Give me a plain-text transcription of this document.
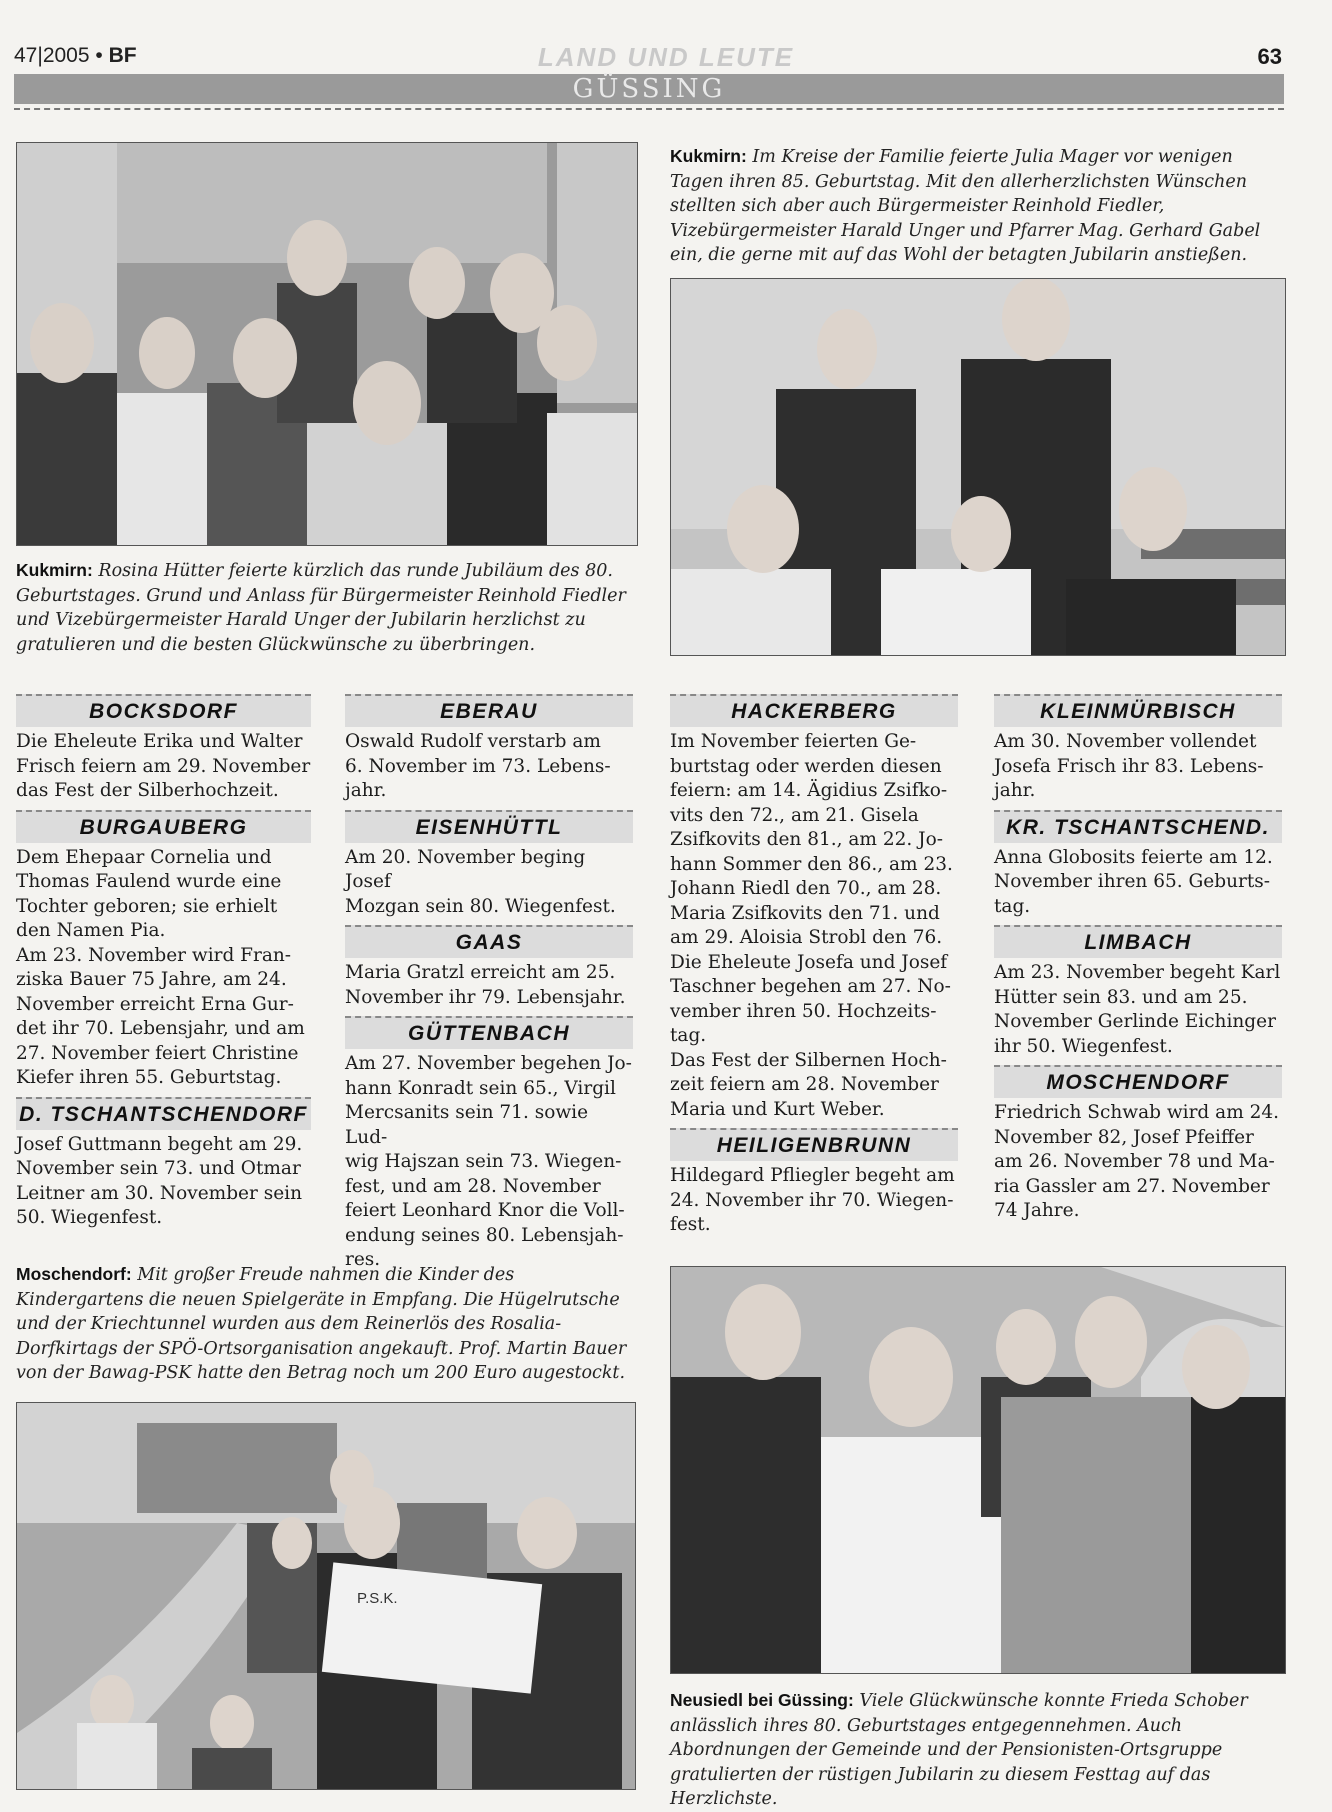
47|2005 • BF	LAND UND LEUTE	63
GÜSSING
Kukmirn: Im Kreise der Familie feierte Julia Mager vor wenigen Tagen ihren 85. Geburtstag. Mit den allerherzlichsten Wünschen stellten sich aber auch Bürgermeister Reinhold Fiedler, Vizebürgermeister Harald Unger und Pfarrer Mag. Gerhard Gabel ein, die gerne mit auf das Wohl der betagten Jubilarin anstießen.
Kukmirn: Rosina Hütter feierte kürzlich das runde Jubiläum des 80. Geburtstages. Grund und Anlass für Bürgermeister Reinhold Fiedler und Vizebürgermeister Harald Unger der Jubilarin herzlichst zu gratulieren und die besten Glückwünsche zu überbringen.
BOCKSDORF
Die Eheleute Erika und Walter
Frisch feiern am 29. November
das Fest der Silberhochzeit.
BURGAUBERG
Dem Ehepaar Cornelia und
Thomas Faulend wurde eine
Tochter geboren; sie erhielt
den Namen Pia.
Am 23. November wird Fran-
ziska Bauer 75 Jahre, am 24.
November erreicht Erna Gur-
det ihr 70. Lebensjahr, und am
27. November feiert Christine
Kiefer ihren 55. Geburtstag.
D. TSCHANTSCHENDORF
Josef Guttmann begeht am 29.
November sein 73. und Otmar
Leitner am 30. November sein
50. Wiegenfest.
EBERAU
Oswald Rudolf verstarb am
6. November im 73. Lebens-
jahr.
EISENHÜTTL
Am 20. November beging Josef
Mozgan sein 80. Wiegenfest.
GAAS
Maria Gratzl erreicht am 25.
November ihr 79. Lebensjahr.
GÜTTENBACH
Am 27. November begehen Jo-
hann Konradt sein 65., Virgil
Mercsanits sein 71. sowie Lud-
wig Hajszan sein 73. Wiegen-
fest, und am 28. November
feiert Leonhard Knor die Voll-
endung seines 80. Lebensjah-
res.
HACKERBERG
Im November feierten Ge-
burtstag oder werden diesen
feiern: am 14. Ägidius Zsifko-
vits den 72., am 21. Gisela
Zsifkovits den 81., am 22. Jo-
hann Sommer den 86., am 23.
Johann Riedl den 70., am 28.
Maria Zsifkovits den 71. und
am 29. Aloisia Strobl den 76.
Die Eheleute Josefa und Josef
Taschner begehen am 27. No-
vember ihren 50. Hochzeits-
tag.
Das Fest der Silbernen Hoch-
zeit feiern am 28. November
Maria und Kurt Weber.
HEILIGENBRUNN
Hildegard Pfliegler begeht am
24. November ihr 70. Wiegen-
fest.
KLEINMÜRBISCH
Am 30. November vollendet
Josefa Frisch ihr 83. Lebens-
jahr.
KR. TSCHANTSCHEND.
Anna Globosits feierte am 12.
November ihren 65. Geburts-
tag.
LIMBACH
Am 23. November begeht Karl
Hütter sein 83. und am 25.
November Gerlinde Eichinger
ihr 50. Wiegenfest.
MOSCHENDORF
Friedrich Schwab wird am 24.
November 82, Josef Pfeiffer
am 26. November 78 und Ma-
ria Gassler am 27. November
74 Jahre.
Moschendorf: Mit großer Freude nahmen die Kinder des Kindergartens die neuen Spielgeräte in Empfang. Die Hügelrutsche und der Kriechtunnel wurden aus dem Reinerlös des Rosalia-Dorfkirtags der SPÖ-Ortsorganisation angekauft. Prof. Martin Bauer von der Bawag-PSK hatte den Betrag noch um 200 Euro augestockt.
P.S.K.
Neusiedl bei Güssing: Viele Glückwünsche konnte Frieda Schober anlässlich ihres 80. Geburtstages entgegennehmen. Auch Abordnungen der Gemeinde und der Pensionisten-Ortsgruppe gratulierten der rüstigen Jubilarin zu diesem Festtag auf das Herzlichste.
